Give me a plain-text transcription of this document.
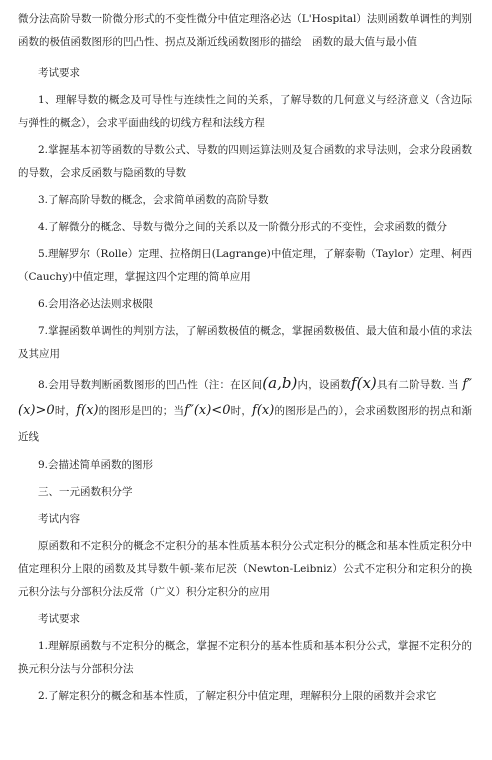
微分法高阶导数一阶微分形式的不变性微分中值定理洛必达（L'Hospital）法则函数单调性的判别函数的极值函数图形的凹凸性、拐点及渐近线函数图形的描绘　函数的最大值与最小值

考试要求

1、理解导数的概念及可导性与连续性之间的关系，了解导数的几何意义与经济意义（含边际与弹性的概念），会求平面曲线的切线方程和法线方程

2.掌握基本初等函数的导数公式、导数的四则运算法则及复合函数的求导法则，会求分段函数的导数，会求反函数与隐函数的导数

3.了解高阶导数的概念，会求简单函数的高阶导数

4.了解微分的概念、导数与微分之间的关系以及一阶微分形式的不变性，会求函数的微分

5.理解罗尔（Rolle）定理、拉格朗日(Lagrange)中值定理，了解泰勒（Taylor）定理、柯西（Cauchy)中值定理，掌握这四个定理的简单应用

6.会用洛必达法则求极限

7.掌握函数单调性的判别方法，了解函数极值的概念，掌握函数极值、最大值和最小值的求法及其应用

8.会用导数判断函数图形的凹凸性（注：在区间(a,b)内，设函数f(x)具有二阶导数. 当 f″(x)>0时，f(x)的图形是凹的；当f″(x)<0时，f(x)的图形是凸的），会求函数图形的拐点和渐近线

9.会描述简单函数的图形

三、一元函数积分学

考试内容

原函数和不定积分的概念不定积分的基本性质基本积分公式定积分的概念和基本性质定积分中值定理积分上限的函数及其导数牛顿-莱布尼茨（Newton-Leibniz）公式不定积分和定积分的换元积分法与分部积分法反常（广义）积分定积分的应用

考试要求

1.理解原函数与不定积分的概念，掌握不定积分的基本性质和基本积分公式，掌握不定积分的换元积分法与分部积分法

2.了解定积分的概念和基本性质，了解定积分中值定理，理解积分上限的函数并会求它
